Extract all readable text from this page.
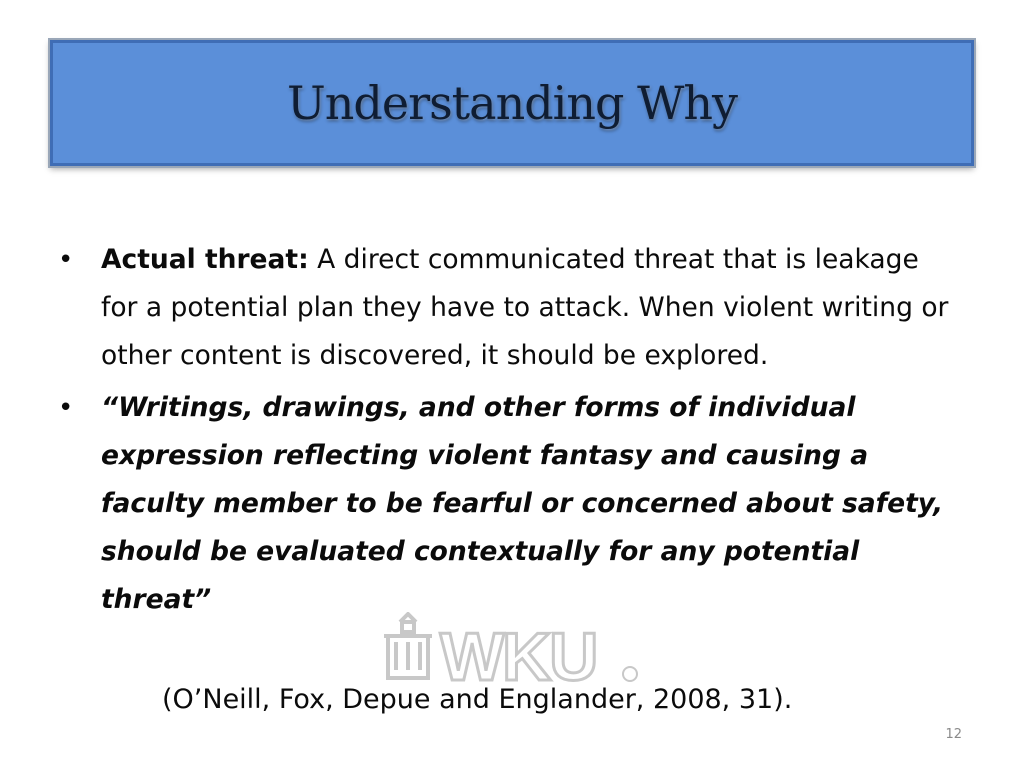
Understanding Why

• Actual threat: A direct communicated threat that is leakage for a potential plan they have to attack. When violent writing or other content is discovered, it should be explored.

• “Writings, drawings, and other forms of individual expression reflecting violent fantasy and causing a faculty member to be fearful or concerned about safety, should be evaluated contextually for any potential threat”

WKU
(O’Neill, Fox, Depue and Englander, 2008, 31).
12
